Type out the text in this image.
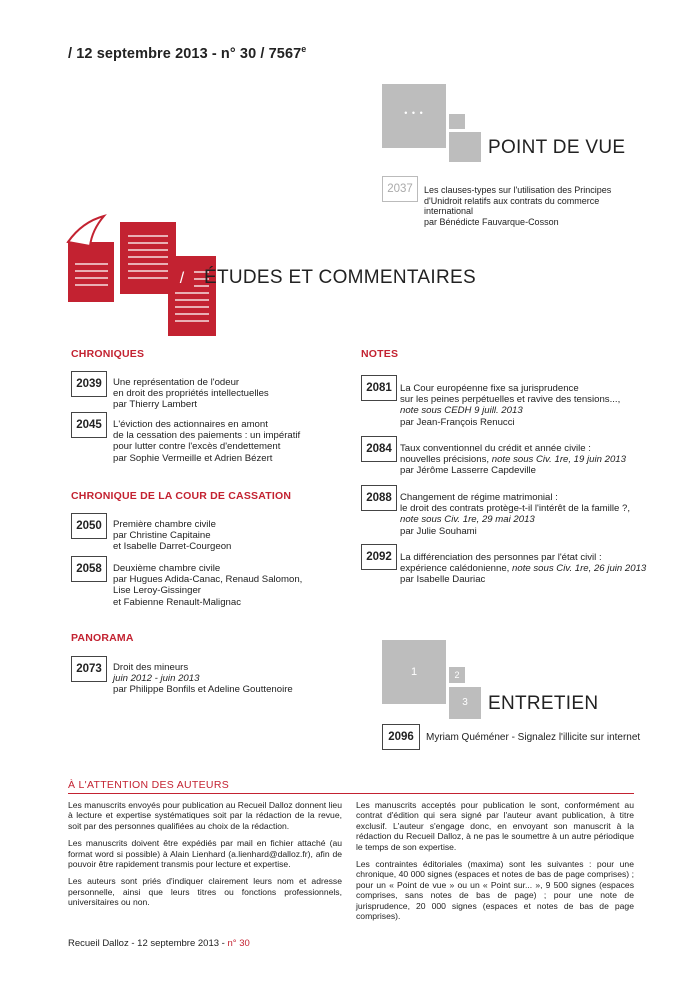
/ 12 septembre 2013 - n° 30 / 7567e
• • •
POINT DE VUE
2037	Les clauses-types sur l'utilisation des Principes
d'Unidroit relatifs aux contrats du commerce
international
par Bénédicte Fauvarque-Cosson
/	ÉTUDES ET COMMENTAIRES
CHRONIQUES
2039	Une représentation de l'odeur
en droit des propriétés intellectuelles
par Thierry Lambert
2045	L'éviction des actionnaires en amont
de la cessation des paiements : un impératif
pour lutter contre l'excès d'endettement
par Sophie Vermeille et Adrien Bézert
CHRONIQUE DE LA COUR DE CASSATION
2050	Première chambre civile
par Christine Capitaine
et Isabelle Darret-Courgeon
2058	Deuxième chambre civile
par Hugues Adida-Canac, Renaud Salomon,
Lise Leroy-Gissinger
et Fabienne Renault-Malignac
PANORAMA
2073	Droit des mineurs
juin 2012 - juin 2013
par Philippe Bonfils et Adeline Gouttenoire
NOTES
2081 La Cour européenne fixe sa jurisprudence
sur les peines perpétuelles et ravive des tensions...,
note sous CEDH 9 juill. 2013
par Jean-François Renucci
2084 Taux conventionnel du crédit et année civile :
nouvelles précisions, note sous Civ. 1re, 19 juin 2013
par Jérôme Lasserre Capdeville
2088 Changement de régime matrimonial :
le droit des contrats protège-t-il l'intérêt de la famille ?,
note sous Civ. 1re, 29 mai 2013
par Julie Souhami
2092 La différenciation des personnes par l'état civil :
expérience calédonienne, note sous Civ. 1re, 26 juin 2013
par Isabelle Dauriac
1	2
3	ENTRETIEN
2096	Myriam Quéméner - Signalez l'illicite sur internet
À L'ATTENTION DES AUTEURS

Les manuscrits envoyés pour publication au Recueil Dalloz donnent lieu à lecture et expertise systématiques soit par la rédaction de la revue, soit par des personnes qualifiées au choix de la rédaction.

Les manuscrits doivent être expédiés par mail en fichier attaché (au format word si possible) à Alain Lienhard (a.lienhard@dalloz.fr), afin de pouvoir être rapidement transmis pour lecture et expertise.

Les auteurs sont priés d'indiquer clairement leurs nom et adresse personnelle, ainsi que leurs titres ou fonctions professionnels, universitaires ou non.

Les manuscrits acceptés pour publication le sont, conformément au contrat d'édition qui sera signé par l'auteur avant publication, à titre exclusif. L'auteur s'engage donc, en envoyant son manuscrit à la rédaction du Recueil Dalloz, à ne pas le soumettre à un autre périodique le temps de son expertise.

Les contraintes éditoriales (maxima) sont les suivantes : pour une chronique, 40 000 signes (espaces et notes de bas de page comprises) ; pour un « Point de vue » ou un « Point sur... », 9 500 signes (espaces comprises, sans notes de bas de page) ; pour une note de jurisprudence, 20 000 signes (espaces et notes de bas de page comprises).

Recueil Dalloz - 12 septembre 2013 - n° 30
